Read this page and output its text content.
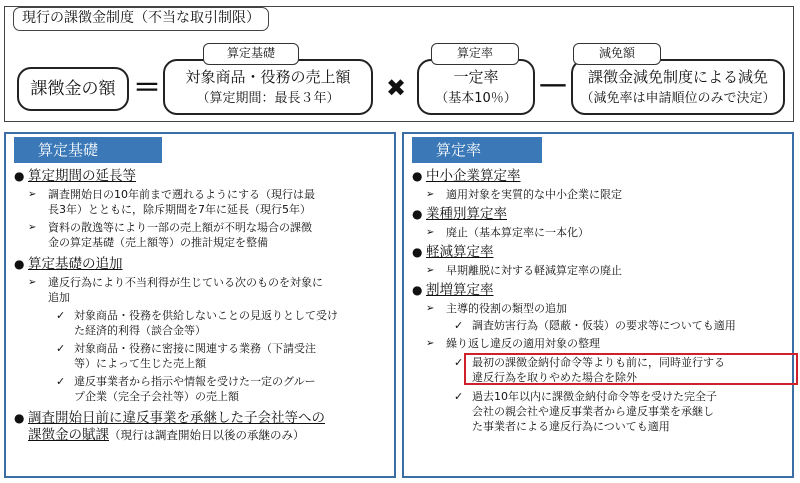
現行の課徴金制度（不当な取引制限）
課徴金の額 ＝	対象商品・役務の売上額
（算定期間：最長３年）
算定基礎
✖	一定率
（基本10％）
算定率
－	課徴金減免制度による減免
（減免率は申請順位のみで決定）
減免額
算定基礎
● 算定期間の延長等
➢ 調査開始日の10年前まで遡れるようにする（現行は最
長3年）とともに，除斥期間を7年に延長（現行5年）
➢ 資料の散逸等により一部の売上額が不明な場合の課徴
金の算定基礎（売上額等）の推計規定を整備
● 算定基礎の追加
➢ 違反行為により不当利得が生じている次のものを対象に
追加
✓ 対象商品・役務を供給しないことの見返りとして受け
た経済的利得（談合金等）
✓ 対象商品・役務に密接に関連する業務（下請受注
等）によって生じた売上額
✓ 違反事業者から指示や情報を受けた一定のグルー
プ企業（完全子会社等）の売上額
● 調査開始日前に違反事業を承継した子会社等への
課徴金の賦課（現行は調査開始日以後の承継のみ）
算定率
● 中小企業算定率
➢ 適用対象を実質的な中小企業に限定
● 業種別算定率
➢ 廃止（基本算定率に一本化）
● 軽減算定率
➢ 早期離脱に対する軽減算定率の廃止
● 割増算定率
➢ 主導的役割の類型の追加
✓ 調査妨害行為（隠蔽・仮装）の要求等についても適用
➢ 繰り返し違反の適用対象の整理
✓ 最初の課徴金納付命令等よりも前に，同時並行する
違反行為を取りやめた場合を除外
✓ 過去10年以内に課徴金納付命令等を受けた完全子
会社の親会社や違反事業者から違反事業を承継し
た事業者による違反行為についても適用
